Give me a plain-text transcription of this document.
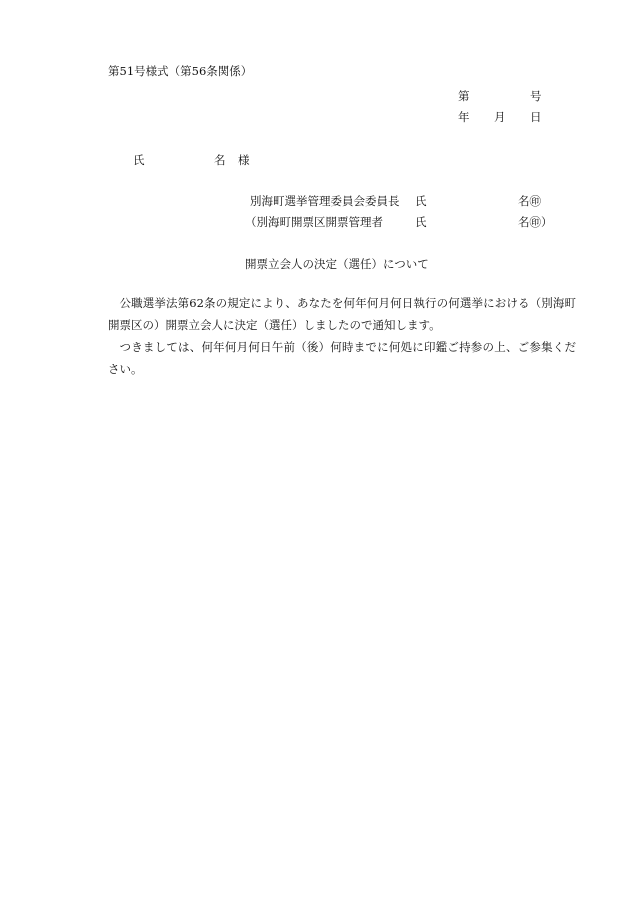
第51号様式（第56条関係）
第	号
年 月 日
氏	名 様
別海町選挙管理委員会委員長 氏	名㊞
（別海町開票区開票管理者	氏	名㊞）
開票立会人の決定（選任）について
公職選挙法第62条の規定により、あなたを何年何月何日執行の何選挙における（別海町開票区の）開票立会人に決定（選任）しましたので通知します。
つきましては、何年何月何日午前（後）何時までに何処に印鑑ご持参の上、ご参集ください。
